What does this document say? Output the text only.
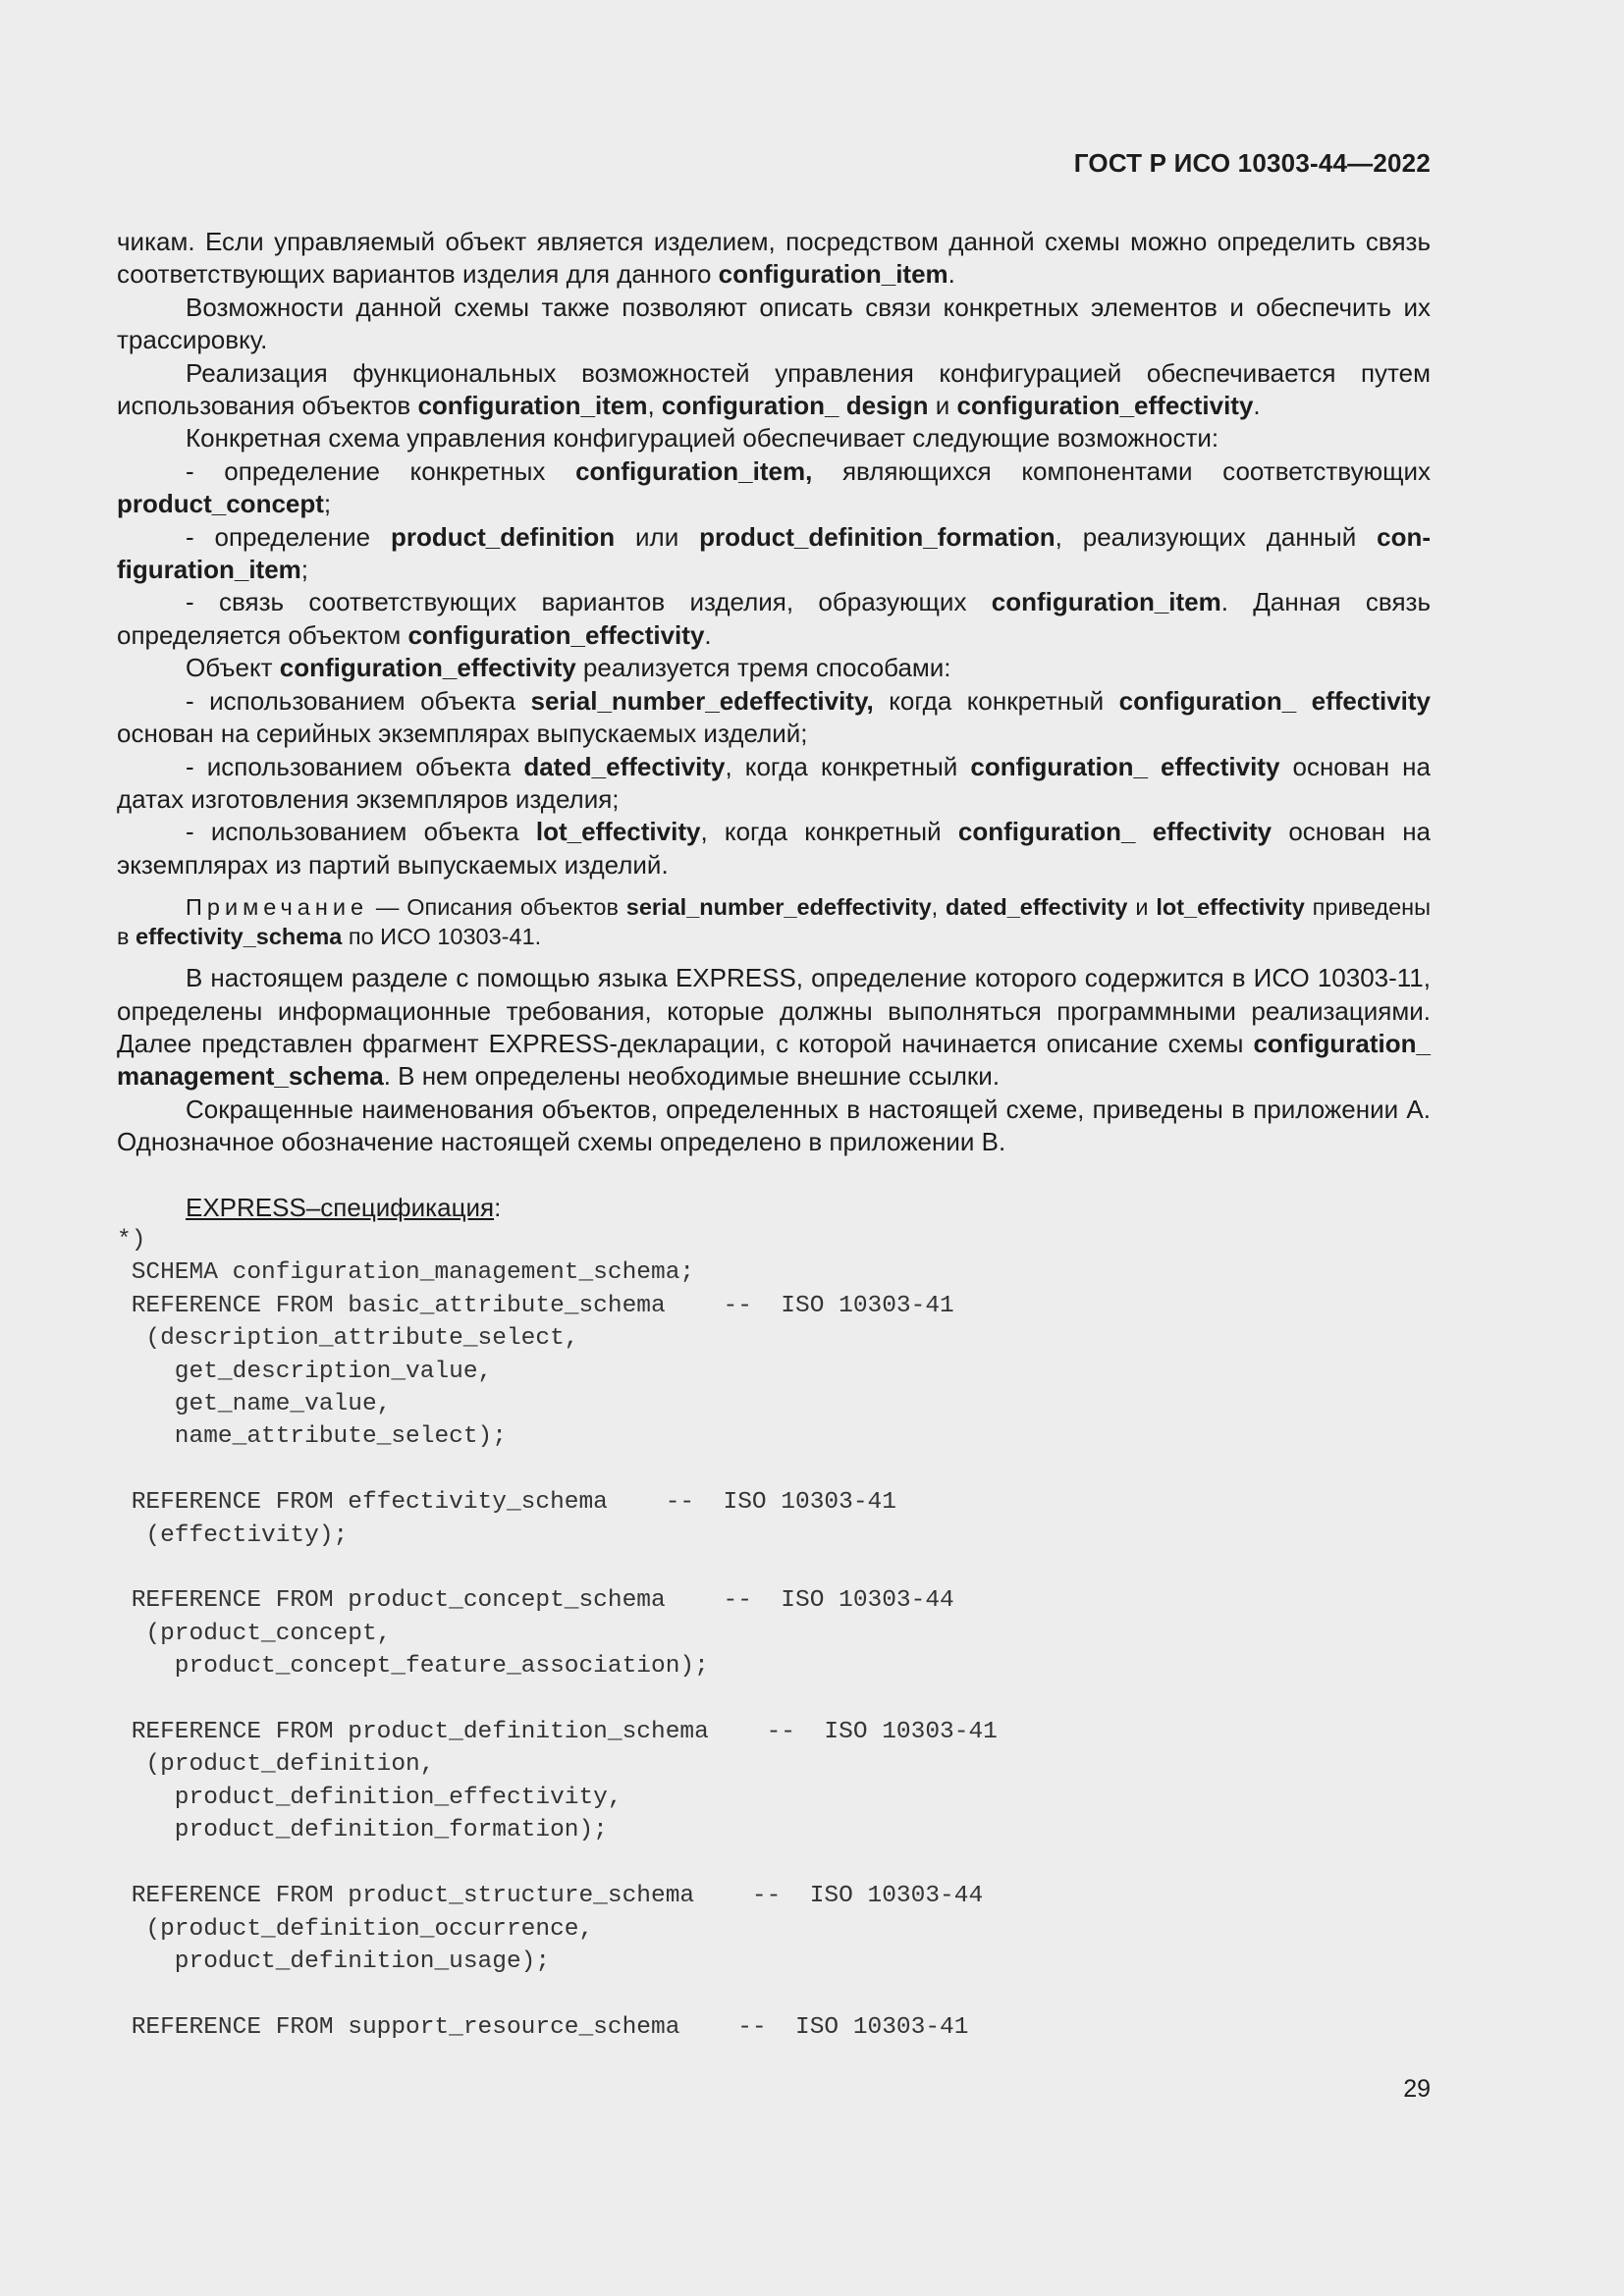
ГОСТ Р ИСО 10303-44—2022

чикам. Если управляемый объект является изделием, посредством данной схемы можно определить связь соответствующих вариантов изделия для данного configuration_item.

Возможности данной схемы также позволяют описать связи конкретных элементов и обеспечить их трассировку.

Реализация функциональных возможностей управления конфигурацией обеспечивается путем использования объектов configuration_item, configuration_ design и configuration_effectivity.

Конкретная схема управления конфигурацией обеспечивает следующие возможности:

- определение конкретных configuration_item, являющихся компонентами соответствующих product_concept;

- определение product_definition или product_definition_formation, реализующих данный con-figuration_item;

- связь соответствующих вариантов изделия, образующих configuration_item. Данная связь определяется объектом configuration_effectivity.

Объект configuration_effectivity реализуется тремя способами:

- использованием объекта serial_number_edeffectivity, когда конкретный configuration_ effectivity основан на серийных экземплярах выпускаемых изделий;

- использованием объекта dated_effectivity, когда конкретный configuration_ effectivity основан на датах изготовления экземпляров изделия;

- использованием объекта lot_effectivity, когда конкретный configuration_ effectivity основан на экземплярах из партий выпускаемых изделий.

Примечание — Описания объектов serial_number_edeffectivity, dated_effectivity и lot_effectivity приведены в effectivity_schema по ИСО 10303-41.

В настоящем разделе с помощью языка EXPRESS, определение которого содержится в ИСО 10303-11, определены информационные требования, которые должны выполняться программными реализациями. Далее представлен фрагмент EXPRESS-декларации, с которой начинается описание схемы configuration_ management_schema. В нем определены необходимые внешние ссылки.

Сокращенные наименования объектов, определенных в настоящей схеме, приведены в приложении А. Однозначное обозначение настоящей схемы определено в приложении В.

EXPRESS–спецификация:

*)
SCHEMA configuration_management_schema;
REFERENCE FROM basic_attribute_schema    --  ISO 10303-41
(description_attribute_select,
get_description_value,
get_name_value,
name_attribute_select);

REFERENCE FROM effectivity_schema    --  ISO 10303-41
(effectivity);

REFERENCE FROM product_concept_schema    --  ISO 10303-44
(product_concept,
product_concept_feature_association);

REFERENCE FROM product_definition_schema    --  ISO 10303-41
(product_definition,
product_definition_effectivity,
product_definition_formation);

REFERENCE FROM product_structure_schema    --  ISO 10303-44
(product_definition_occurrence,
product_definition_usage);

REFERENCE FROM support_resource_schema    --  ISO 10303-41
29
